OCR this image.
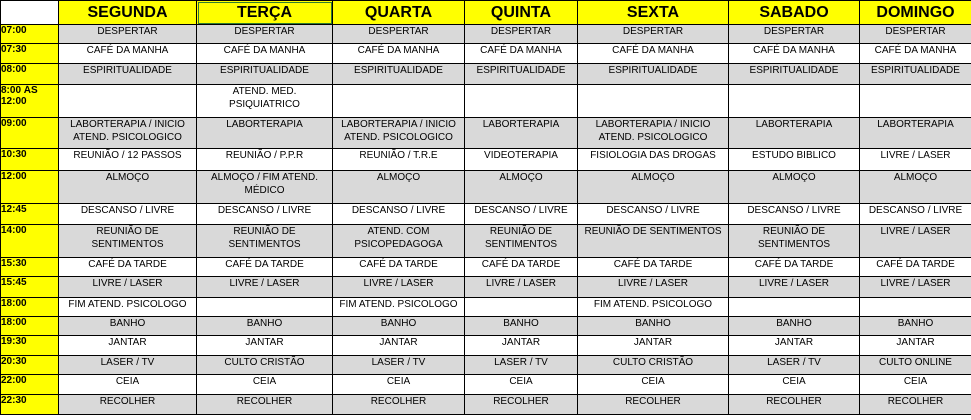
	SEGUNDA	TERÇA	QUARTA	QUINTA	SEXTA	SABADO	DOMINGO
07:00	DESPERTAR	DESPERTAR	DESPERTAR	DESPERTAR	DESPERTAR	DESPERTAR	DESPERTAR
07:30	CAFÉ DA MANHA	CAFÉ DA MANHA	CAFÉ DA MANHA	CAFÉ DA MANHA	CAFÉ DA MANHA	CAFÉ DA MANHA	CAFÉ DA MANHA
08:00	ESPIRITUALIDADE	ESPIRITUALIDADE	ESPIRITUALIDADE	ESPIRITUALIDADE	ESPIRITUALIDADE	ESPIRITUALIDADE	ESPIRITUALIDADE
8:00 ÁS 12:00		ATEND. MED. PSIQUIATRICO					
09:00	LABORTERAPIA / INICIO ATEND. PSICOLOGICO	LABORTERAPIA	LABORTERAPIA / INICIO ATEND. PSICOLOGICO	LABORTERAPIA	LABORTERAPIA / INICIO ATEND. PSICOLOGICO	LABORTERAPIA	LABORTERAPIA
10:30	REUNIÃO / 12 PASSOS	REUNIÃO / P.P.R	REUNIÃO / T.R.E	VIDEOTERAPIA	FISIOLOGIA DAS DROGAS	ESTUDO BIBLICO	LIVRE / LASER
12:00	ALMOÇO	ALMOÇO / FIM ATEND. MÉDICO	ALMOÇO	ALMOÇO	ALMOÇO	ALMOÇO	ALMOÇO
12:45	DESCANSO / LIVRE	DESCANSO / LIVRE	DESCANSO / LIVRE	DESCANSO / LIVRE	DESCANSO / LIVRE	DESCANSO / LIVRE	DESCANSO / LIVRE
14:00	REUNIÃO DE SENTIMENTOS	REUNIÃO DE SENTIMENTOS	ATEND. COM PSICOPEDAGOGA	REUNIÃO DE SENTIMENTOS	REUNIÃO DE SENTIMENTOS	REUNIÃO DE SENTIMENTOS	LIVRE / LASER
15:30	CAFÉ DA TARDE	CAFÉ DA TARDE	CAFÉ DA TARDE	CAFÉ DA TARDE	CAFÉ DA TARDE	CAFÉ DA TARDE	CAFÉ DA TARDE
15:45	LIVRE / LASER	LIVRE / LASER	LIVRE / LASER	LIVRE / LASER	LIVRE / LASER	LIVRE / LASER	LIVRE / LASER
18:00	FIM ATEND. PSICOLOGO		FIM ATEND. PSICOLOGO		FIM ATEND. PSICOLOGO		
18:00	BANHO	BANHO	BANHO	BANHO	BANHO	BANHO	BANHO
19:30	JANTAR	JANTAR	JANTAR	JANTAR	JANTAR	JANTAR	JANTAR
20:30	LASER / TV	CULTO CRISTÃO	LASER / TV	LASER / TV	CULTO CRISTÃO	LASER / TV	CULTO ONLINE
22:00	CEIA	CEIA	CEIA	CEIA	CEIA	CEIA	CEIA
22:30	RECOLHER	RECOLHER	RECOLHER	RECOLHER	RECOLHER	RECOLHER	RECOLHER
